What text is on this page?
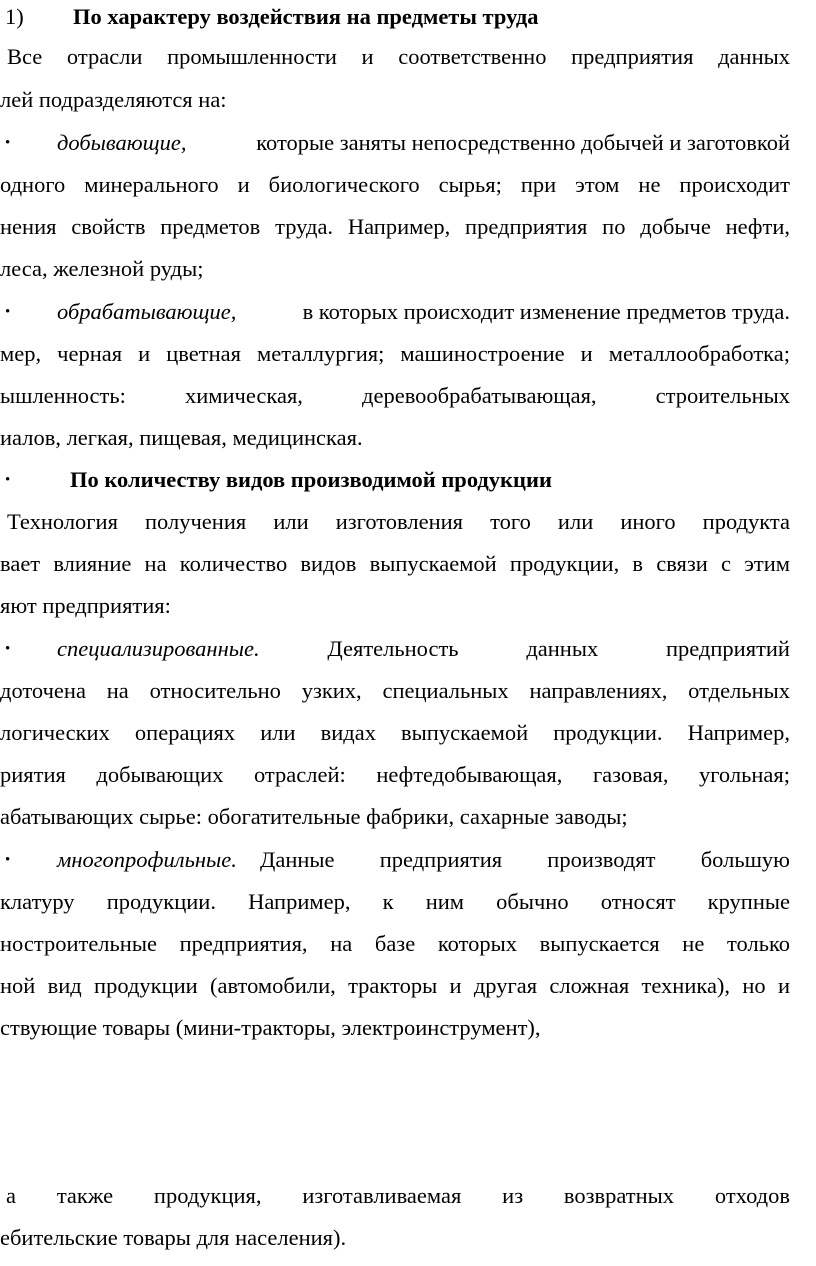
1) По характеру воздействия на предметы труда
Все отрасли промышленности и соответственно предприятия данных
лей подразделяются на:
• добывающие,	которые заняты непосредственно добычей и заготовкой
одного минерального и биологического сырья; при этом не происходит
нения свойств предметов труда. Например, предприятия по добыче нефти,
леса, железной руды;
• обрабатывающие,	в которых происходит изменение предметов труда.
мер, черная и цветная металлургия; машиностроение и металлообработка;
ышленность: химическая, деревообрабатывающая, строительных
иалов, легкая, пищевая, медицинская.
•	По количеству видов производимой продукции
Технология получения или изготовления того или иного продукта
вает влияние на количество видов выпускаемой продукции, в связи с этим
яют предприятия:
• специализированные.	Деятельность	данных	предприятий
доточена на относительно узких, специальных направлениях, отдельных
логических операциях или видах выпускаемой продукции. Например,
риятия добывающих отраслей: нефтедобывающая, газовая, угольная;
абатывающих сырье: обогатительные фабрики, сахарные заводы;
• многопрофильные. Данные предприятия производят большую
клатуру продукции. Например, к ним обычно относят крупные
ностроительные предприятия, на базе которых выпускается не только
ной вид продукции (автомобили, тракторы и другая сложная техника), но и
ствующие товары (мини-тракторы, электроинструмент),
а также продукция, изготавливаемая из возвратных отходов
ебительские товары для населения).
